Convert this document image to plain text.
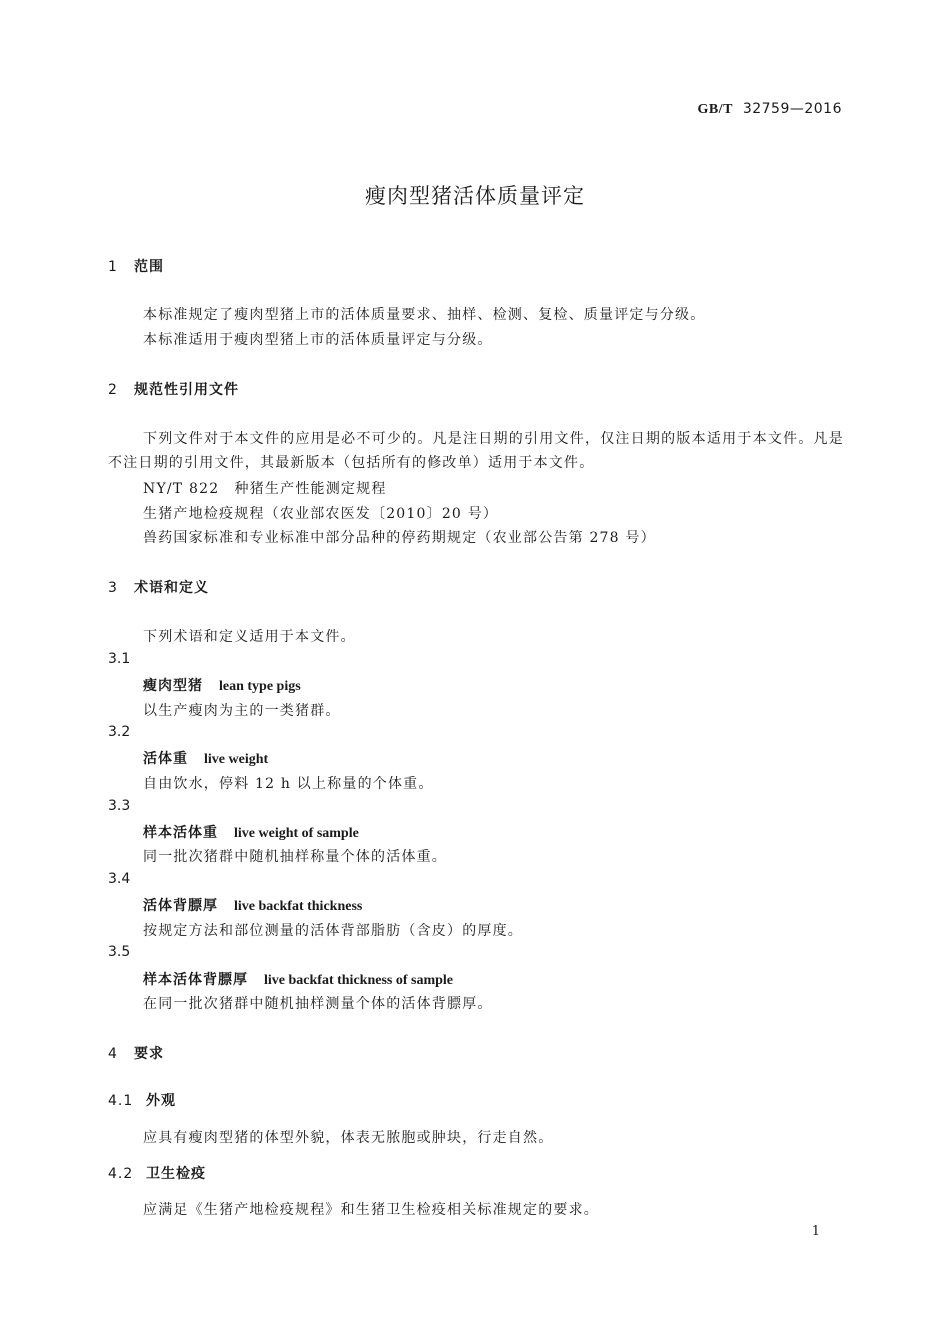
GB/T 32759—2016
瘦肉型猪活体质量评定
1 范围
本标准规定了瘦肉型猪上市的活体质量要求、抽样、检测、复检、质量评定与分级。
本标准适用于瘦肉型猪上市的活体质量评定与分级。
2 规范性引用文件
下列文件对于本文件的应用是必不可少的。凡是注日期的引用文件，仅注日期的版本适用于本文件。凡是不注日期的引用文件，其最新版本（包括所有的修改单）适用于本文件。
NY/T 822　种猪生产性能测定规程
生猪产地检疫规程（农业部农医发〔2010〕20 号）
兽药国家标准和专业标准中部分品种的停药期规定（农业部公告第 278 号）
3 术语和定义
下列术语和定义适用于本文件。
3.1
瘦肉型猪 lean type pigs
以生产瘦肉为主的一类猪群。
3.2
活体重 live weight
自由饮水，停料 12 h 以上称量的个体重。
3.3
样本活体重 live weight of sample
同一批次猪群中随机抽样称量个体的活体重。
3.4
活体背膘厚 live backfat thickness
按规定方法和部位测量的活体背部脂肪（含皮）的厚度。
3.5
样本活体背膘厚 live backfat thickness of sample
在同一批次猪群中随机抽样测量个体的活体背膘厚。
4 要求
4.1 外观
应具有瘦肉型猪的体型外貌，体表无脓胞或肿块，行走自然。
4.2 卫生检疫
应满足《生猪产地检疫规程》和生猪卫生检疫相关标准规定的要求。
1
